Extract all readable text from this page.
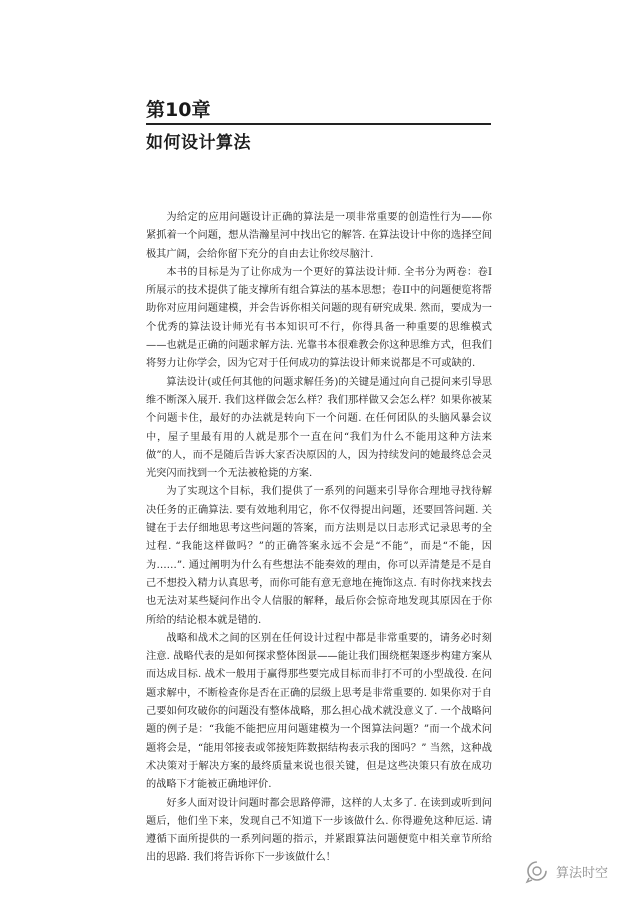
第10章
如何设计算法

为给定的应用问题设计正确的算法是一项非常重要的创造性行为——你紧抓着一个问题，想从浩瀚星河中找出它的解答. 在算法设计中你的选择空间极其广阔，会给你留下充分的自由去让你绞尽脑汁.

本书的目标是为了让你成为一个更好的算法设计师. 全书分为两卷：卷I所展示的技术提供了能支撑所有组合算法的基本思想；卷II中的问题便览将帮助你对应用问题建模，并会告诉你相关问题的现有研究成果. 然而，要成为一个优秀的算法设计师光有书本知识可不行，你得具备一种重要的思维模式——也就是正确的问题求解方法. 光靠书本很难教会你这种思维方式，但我们将努力让你学会，因为它对于任何成功的算法设计师来说都是不可或缺的.

算法设计(或任何其他的问题求解任务)的关键是通过向自己提问来引导思维不断深入展开. 我们这样做会怎么样？我们那样做又会怎么样？如果你被某个问题卡住，最好的办法就是转向下一个问题. 在任何团队的头脑风暴会议中，屋子里最有用的人就是那个一直在问“我们为什么不能用这种方法来做”的人，而不是随后告诉大家否决原因的人，因为持续发问的她最终总会灵光突闪而找到一个无法被枪毙的方案.

为了实现这个目标，我们提供了一系列的问题来引导你合理地寻找待解决任务的正确算法. 要有效地利用它，你不仅得提出问题，还要回答问题. 关键在于去仔细地思考这些问题的答案，而方法则是以日志形式记录思考的全过程. “我能这样做吗？”的正确答案永远不会是“不能”，而是“不能，因为……”. 通过阐明为什么有些想法不能奏效的理由，你可以弄清楚是不是自己不想投入精力认真思考，而你可能有意无意地在掩饰这点. 有时你找来找去也无法对某些疑问作出令人信服的解释，最后你会惊奇地发现其原因在于你所给的结论根本就是错的.

战略和战术之间的区别在任何设计过程中都是非常重要的，请务必时刻注意. 战略代表的是如何探求整体图景——能让我们围绕框架逐步构建方案从而达成目标. 战术一般用于赢得那些要完成目标而非打不可的小型战役. 在问题求解中，不断检查你是否在正确的层级上思考是非常重要的. 如果你对于自己要如何攻破你的问题没有整体战略，那么担心战术就没意义了. 一个战略问题的例子是：“我能不能把应用问题建模为一个图算法问题？”而一个战术问题将会是，“能用邻接表或邻接矩阵数据结构表示我的图吗？” 当然，这种战术决策对于解决方案的最终质量来说也很关键，但是这些决策只有放在成功的战略下才能被正确地评价.

好多人面对设计问题时都会思路停滞，这样的人太多了. 在读到或听到问题后，他们坐下来，发现自己不知道下一步该做什么. 你得避免这种厄运. 请遵循下面所提供的一系列问题的指示，并紧跟算法问题便览中相关章节所给出的思路. 我们将告诉你下一步该做什么！

算法时空
